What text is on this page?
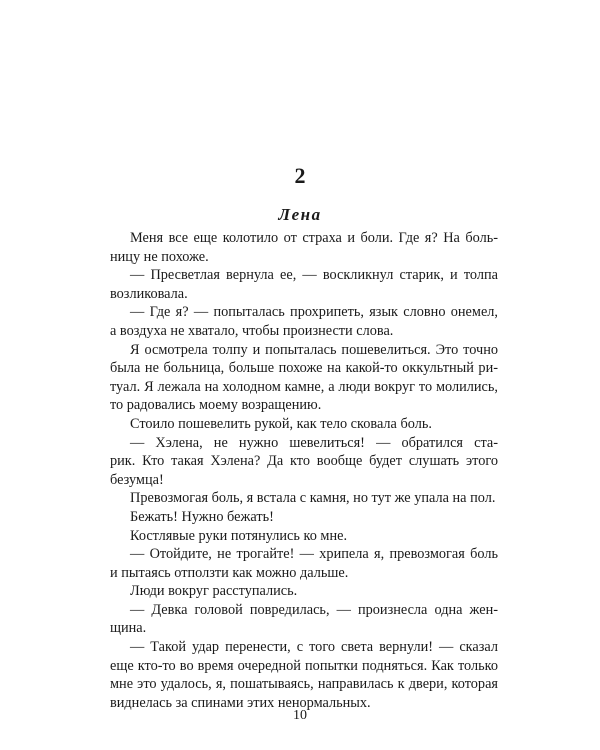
2
Лена
Меня все еще колотило от страха и боли. Где я? На боль-
ницу не похоже.
— Пресветлая вернула ее, — воскликнул старик, и толпа
возликовала.
— Где я? — попыталась прохрипеть, язык словно онемел,
а воздуха не хватало, чтобы произнести слова.
Я осмотрела толпу и попыталась пошевелиться. Это точно
была не больница, больше похоже на какой-то оккультный ри-
туал. Я лежала на холодном камне, а люди вокруг то молились,
то радовались моему возращению.
Стоило пошевелить рукой, как тело сковала боль.
— Хэлена, не нужно шевелиться! — обратился ста-
рик. Кто такая Хэлена? Да кто вообще будет слушать этого
безумца!
Превозмогая боль, я встала с камня, но тут же упала на пол.
Бежать! Нужно бежать!
Костлявые руки потянулись ко мне.
— Отойдите, не трогайте! — хрипела я, превозмогая боль
и пытаясь отползти как можно дальше.
Люди вокруг расступались.
— Девка головой повредилась, — произнесла одна жен-
щина.
— Такой удар перенести, с того света вернули! — сказал
еще кто-то во время очередной попытки подняться. Как только
мне это удалось, я, пошатываясь, направилась к двери, которая
виднелась за спинами этих ненормальных.
10
